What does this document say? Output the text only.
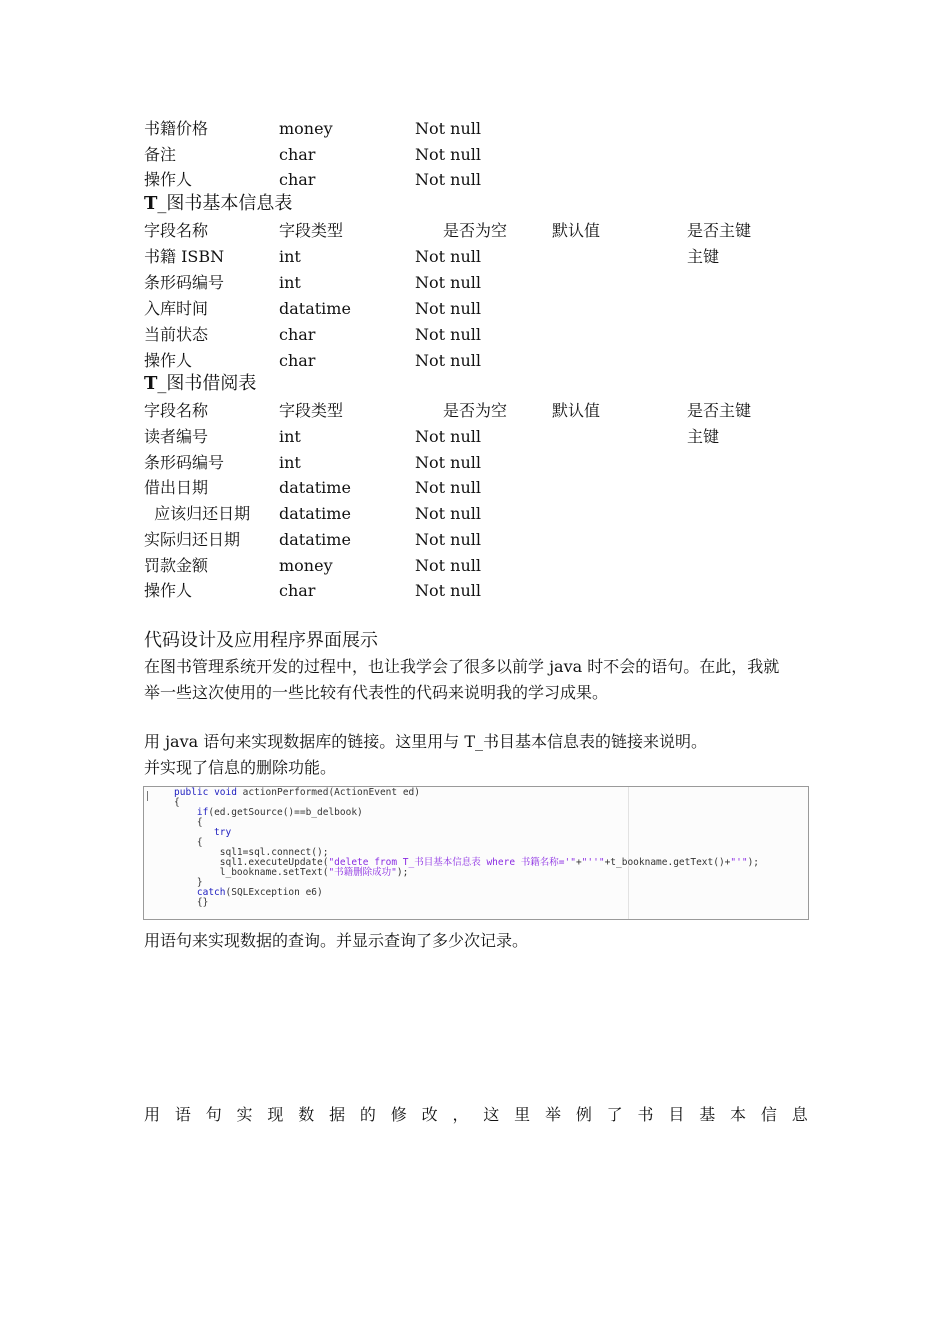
书籍价格	money	Not null
备注	char	Not null
操作人	char	Not null
T_图书基本信息表
字段名称	字段类型	是否为空	默认值	是否主键
书籍 ISBN	int	Not null	主键
条形码编号	int	Not null
入库时间	datatime	Not null
当前状态	char	Not null
操作人	char	Not null
T_图书借阅表
字段名称	字段类型	是否为空	默认值	是否主键
读者编号	int	Not null	主键
条形码编号	int	Not null
借出日期	datatime	Not null
应该归还日期 datatime	Not null
实际归还日期 datatime	Not null
罚款金额	money	Not null
操作人	char	Not null
代码设计及应用程序界面展示
在图书管理系统开发的过程中，也让我学会了很多以前学 java 时不会的语句。在此，我就
举一些这次使用的一些比较有代表性的代码来说明我的学习成果。
用 java 语句来实现数据库的链接。这里用与 T_书目基本信息表的链接来说明。
并实现了信息的删除功能。
public void actionPerformed(ActionEvent ed)
{
if(ed.getSource()==b_delbook)
{
try
{
sql1=sql.connect();
sql1.executeUpdate("delete from T_书目基本信息表 where 书籍名称='"+"''"+t_bookname.getText()+"'");
l_bookname.setText("书籍删除成功");
}
catch(SQLException e6)
{}
用语句来实现数据的查询。并显示查询了多少次记录。
用 语 句 实 现 数 据 的 修 改 ， 这 里 举 例 了 书 目 基 本 信 息
